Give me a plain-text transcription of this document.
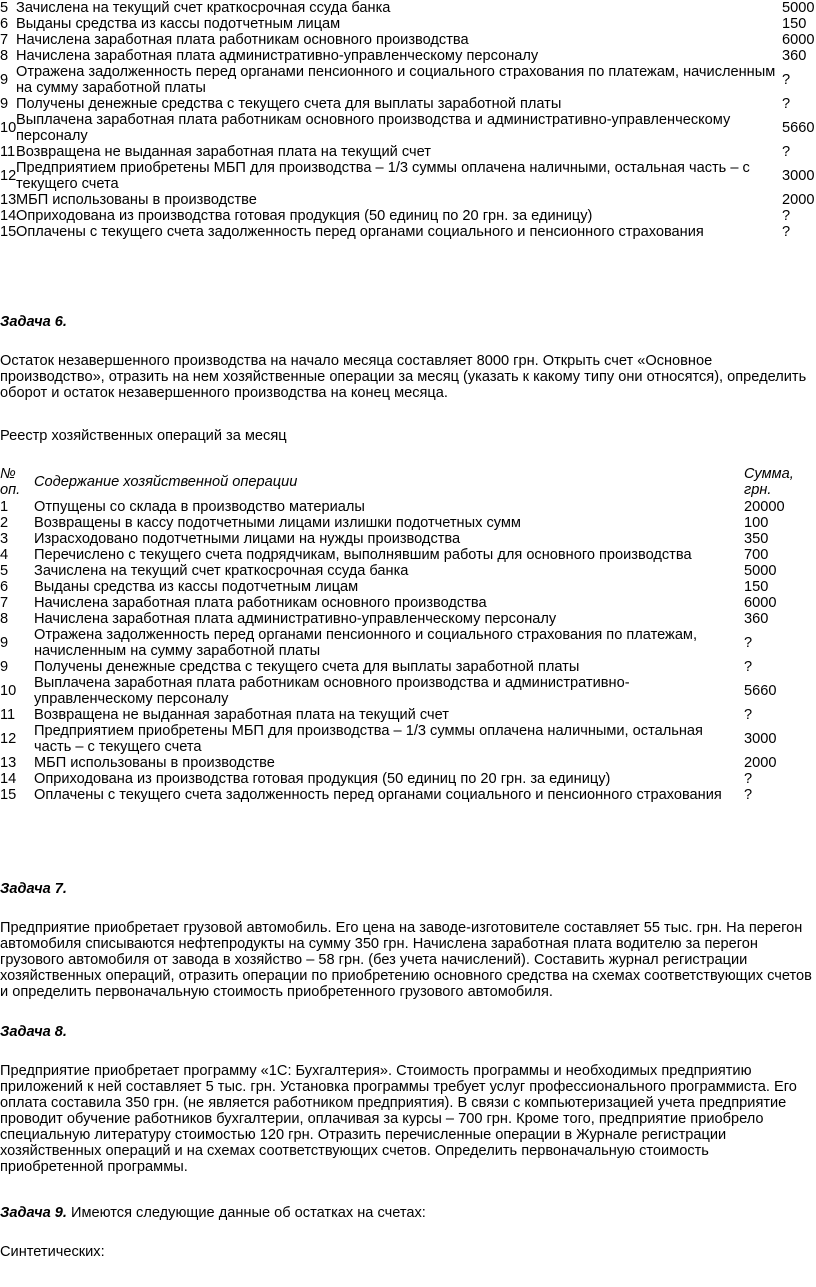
5	Зачислена на текущий счет краткосрочная ссуда банка	5000
6	Выданы средства из кассы подотчетным лицам	150
7	Начислена заработная плата работникам основного производства	6000
8	Начислена заработная плата административно-управленческому персоналу	360
9	Отражена задолженность перед органами пенсионного и социального страхования по платежам, начисленным на сумму заработной платы	?
9	Получены денежные средства с текущего счета для выплаты заработной платы	?
10	Выплачена заработная плата работникам основного производства и административно-управленческому персоналу	5660
11	Возвращена не выданная заработная плата на текущий счет	?
12	Предприятием приобретены МБП для производства – 1/3 суммы оплачена наличными, остальная часть – с текущего счета	3000
13	МБП использованы в производстве	2000
14	Оприходована из производства готовая продукция (50 единиц по 20 грн. за единицу)	?
15	Оплачены с текущего счета задолженность перед органами социального и пенсионного страхования	?
Задача 6.

Остаток незавершенного производства на начало месяца составляет 8000 грн. Открыть счет «Основное производство», отразить на нем хозяйственные операции за месяц (указать к какому типу они относятся), определить оборот и остаток незавершенного производства на конец месяца.

Реестр хозяйственных операций за месяц
№ оп.	Содержание хозяйственной операции	Сумма, грн.
1	Отпущены со склада в производство материалы	20000
2	Возвращены в кассу подотчетными лицами излишки подотчетных сумм	100
3	Израсходовано подотчетными лицами на нужды производства	350
4	Перечислено с текущего счета подрядчикам, выполнявшим работы для основного производства	700
5	Зачислена на текущий счет краткосрочная ссуда банка	5000
6	Выданы средства из кассы подотчетным лицам	150
7	Начислена заработная плата работникам основного производства	6000
8	Начислена заработная плата административно-управленческому персоналу	360
9	Отражена задолженность перед органами пенсионного и социального страхования по платежам, начисленным на сумму заработной платы	?
9	Получены денежные средства с текущего счета для выплаты заработной платы	?
10	Выплачена заработная плата работникам основного производства и административно-управленческому персоналу	5660
11	Возвращена не выданная заработная плата на текущий счет	?
12	Предприятием приобретены МБП для производства – 1/3 суммы оплачена наличными, остальная часть – с текущего счета	3000
13	МБП использованы в производстве	2000
14	Оприходована из производства готовая продукция (50 единиц по 20 грн. за единицу)	?
15	Оплачены с текущего счета задолженность перед органами социального и пенсионного страхования	?
Задача 7.

Предприятие приобретает грузовой автомобиль. Его цена на заводе-изготовителе составляет 55 тыс. грн. На перегон автомобиля списываются нефтепродукты на сумму 350 грн. Начислена заработная плата водителю за перегон грузового автомобиля от завода в хозяйство – 58 грн. (без учета начислений). Составить журнал регистрации хозяйственных операций, отразить операции по приобретению основного средства на схемах соответствующих счетов и определить первоначальную стоимость приобретенного грузового автомобиля.

Задача 8.

Предприятие приобретает программу «1С: Бухгалтерия». Стоимость программы и необходимых предприятию приложений к ней составляет 5 тыс. грн. Установка программы требует услуг профессионального программиста. Его оплата составила 350 грн. (не является работником предприятия). В связи с компьютеризацией учета предприятие проводит обучение работников бухгалтерии, оплачивая за курсы – 700 грн. Кроме того, предприятие приобрело специальную литературу стоимостью 120 грн. Отразить перечисленные операции в Журнале регистрации хозяйственных операций и на схемах соответствующих счетов. Определить первоначальную стоимость приобретенной программы.

Задача 9. Имеются следующие данные об остатках на счетах:
Синтетических:
